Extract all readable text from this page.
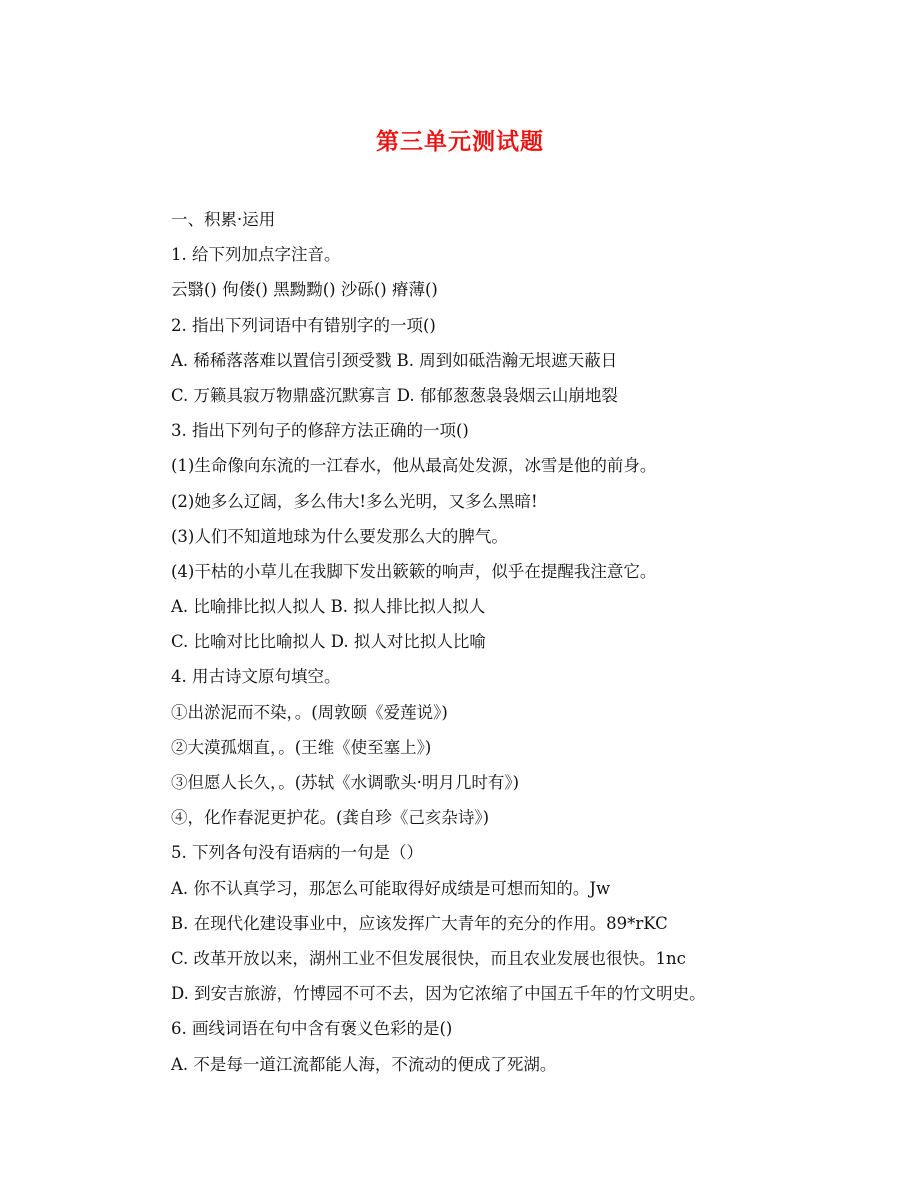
第三单元测试题
一、积累·运用
1. 给下列加点字注音。
云翳() 佝偻() 黑黝黝() 沙砾() 瘠薄()
2. 指出下列词语中有错别字的一项()
A. 稀稀落落难以置信引颈受戮 B. 周到如砥浩瀚无垠遮天蔽日
C. 万籁具寂万物鼎盛沉默寡言 D. 郁郁葱葱袅袅烟云山崩地裂
3. 指出下列句子的修辞方法正确的一项()
(1)生命像向东流的一江春水，他从最高处发源，冰雪是他的前身。
(2)她多么辽阔，多么伟大!多么光明，又多么黑暗!
(3)人们不知道地球为什么要发那么大的脾气。
(4)干枯的小草儿在我脚下发出簌簌的响声，似乎在提醒我注意它。
A. 比喻排比拟人拟人 B. 拟人排比拟人拟人
C. 比喻对比比喻拟人 D. 拟人对比拟人比喻
4. 用古诗文原句填空。
①出淤泥而不染，。(周敦颐《爱莲说》)
②大漠孤烟直，。(王维《使至塞上》)
③但愿人长久，。(苏轼《水调歌头·明月几时有》)
④，化作春泥更护花。(龚自珍《己亥杂诗》)
5. 下列各句没有语病的一句是（）
A. 你不认真学习，那怎么可能取得好成绩是可想而知的。Jw
B. 在现代化建设事业中，应该发挥广大青年的充分的作用。89*rKC
C. 改革开放以来，湖州工业不但发展很快，而且农业发展也很快。1nc
D. 到安吉旅游，竹博园不可不去，因为它浓缩了中国五千年的竹文明史。
6. 画线词语在句中含有褒义色彩的是()
A. 不是每一道江流都能人海，不流动的便成了死湖。
